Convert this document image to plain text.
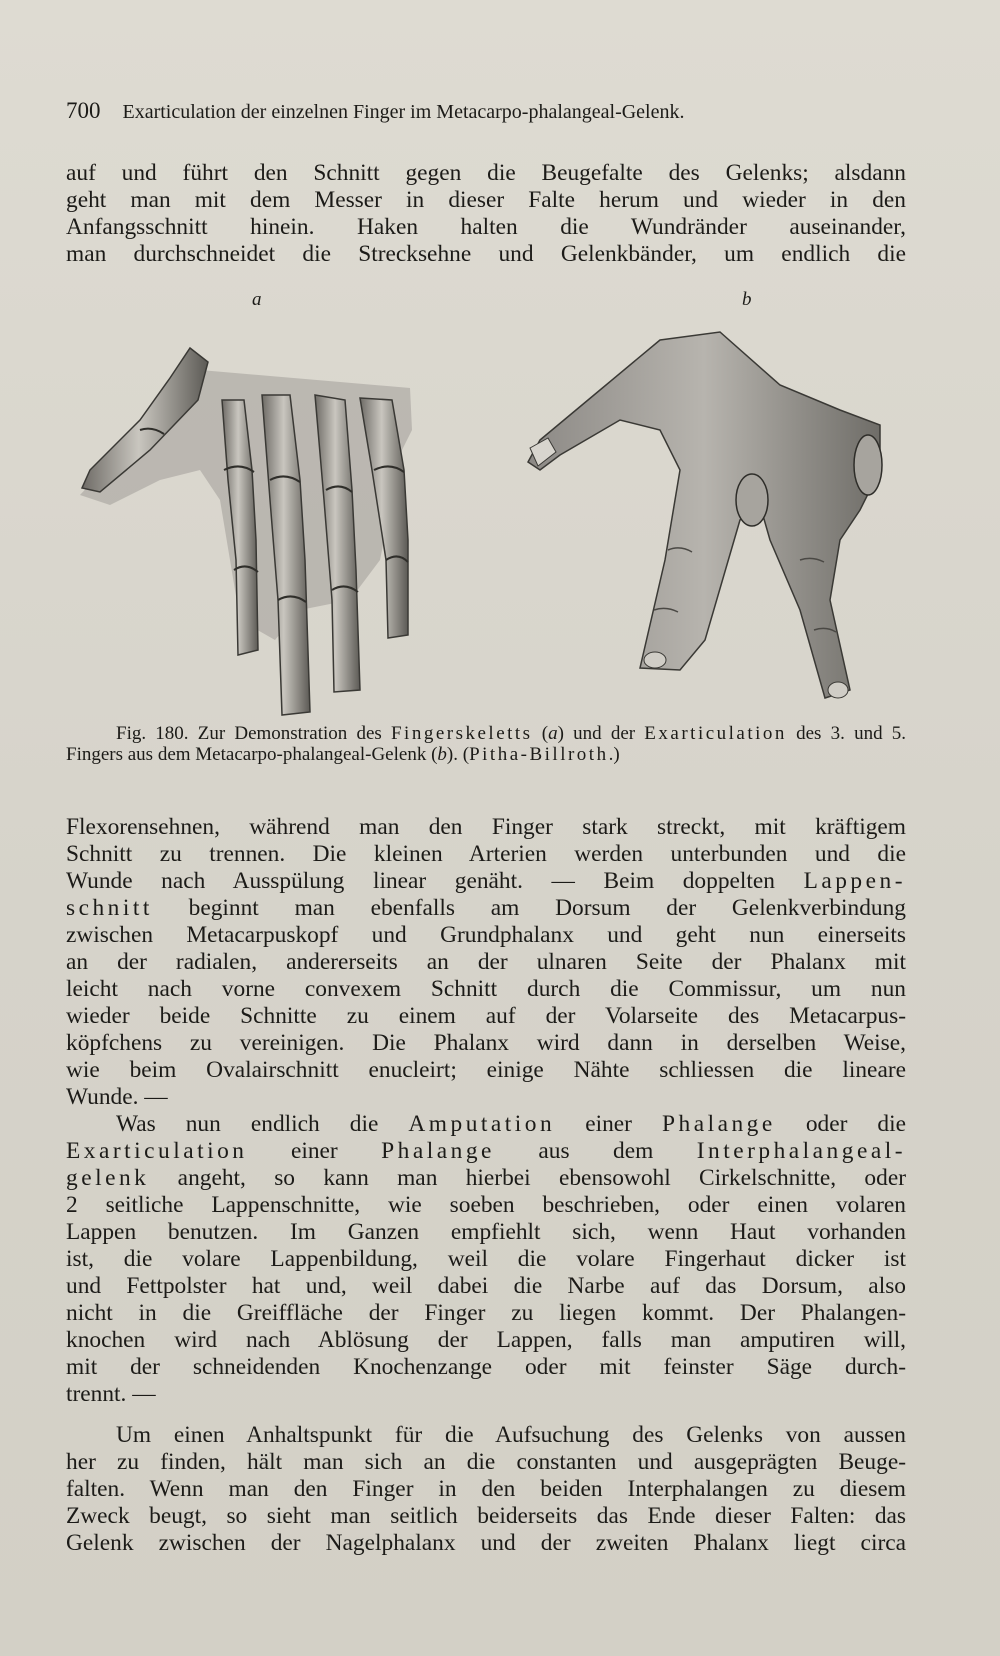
700 Exarticulation der einzelnen Finger im Metacarpo-phalangeal-Gelenk.
auf und führt den Schnitt gegen die Beugefalte des Gelenks; alsdann
geht man mit dem Messer in dieser Falte herum und wieder in den
Anfangsschnitt hinein. Haken halten die Wundränder auseinander,
man durchschneidet die Strecksehne und Gelenkbänder, um endlich die
a	b
Fig. 180. Zur Demonstration des Fingerskeletts (a) und der Exarticulation des 3. und 5. Fingers aus dem Metacarpo-phalangeal-Gelenk (b). (Pitha-Billroth.)
Flexorensehnen, während man den Finger stark streckt, mit kräftigem
Schnitt zu trennen. Die kleinen Arterien werden unterbunden und die
Wunde nach Ausspülung linear genäht. — Beim doppelten Lappen-
schnitt beginnt man ebenfalls am Dorsum der Gelenkverbindung
zwischen Metacarpuskopf und Grundphalanx und geht nun einerseits
an der radialen, andererseits an der ulnaren Seite der Phalanx mit
leicht nach vorne convexem Schnitt durch die Commissur, um nun
wieder beide Schnitte zu einem auf der Volarseite des Metacarpus-
köpfchens zu vereinigen. Die Phalanx wird dann in derselben Weise,
wie beim Ovalairschnitt enucleirt; einige Nähte schliessen die lineare
Wunde. —
Was nun endlich die Amputation einer Phalange oder die
Exarticulation einer Phalange aus dem Interphalangeal-
gelenk angeht, so kann man hierbei ebensowohl Cirkelschnitte, oder
2 seitliche Lappenschnitte, wie soeben beschrieben, oder einen volaren
Lappen benutzen. Im Ganzen empfiehlt sich, wenn Haut vorhanden
ist, die volare Lappenbildung, weil die volare Fingerhaut dicker ist
und Fettpolster hat und, weil dabei die Narbe auf das Dorsum, also
nicht in die Greiffläche der Finger zu liegen kommt. Der Phalangen-
knochen wird nach Ablösung der Lappen, falls man amputiren will,
mit der schneidenden Knochenzange oder mit feinster Säge durch-
trennt. —
Um einen Anhaltspunkt für die Aufsuchung des Gelenks von aussen
her zu finden, hält man sich an die constanten und ausgeprägten Beuge-
falten. Wenn man den Finger in den beiden Interphalangen zu diesem
Zweck beugt, so sieht man seitlich beiderseits das Ende dieser Falten: das
Gelenk zwischen der Nagelphalanx und der zweiten Phalanx liegt circa
